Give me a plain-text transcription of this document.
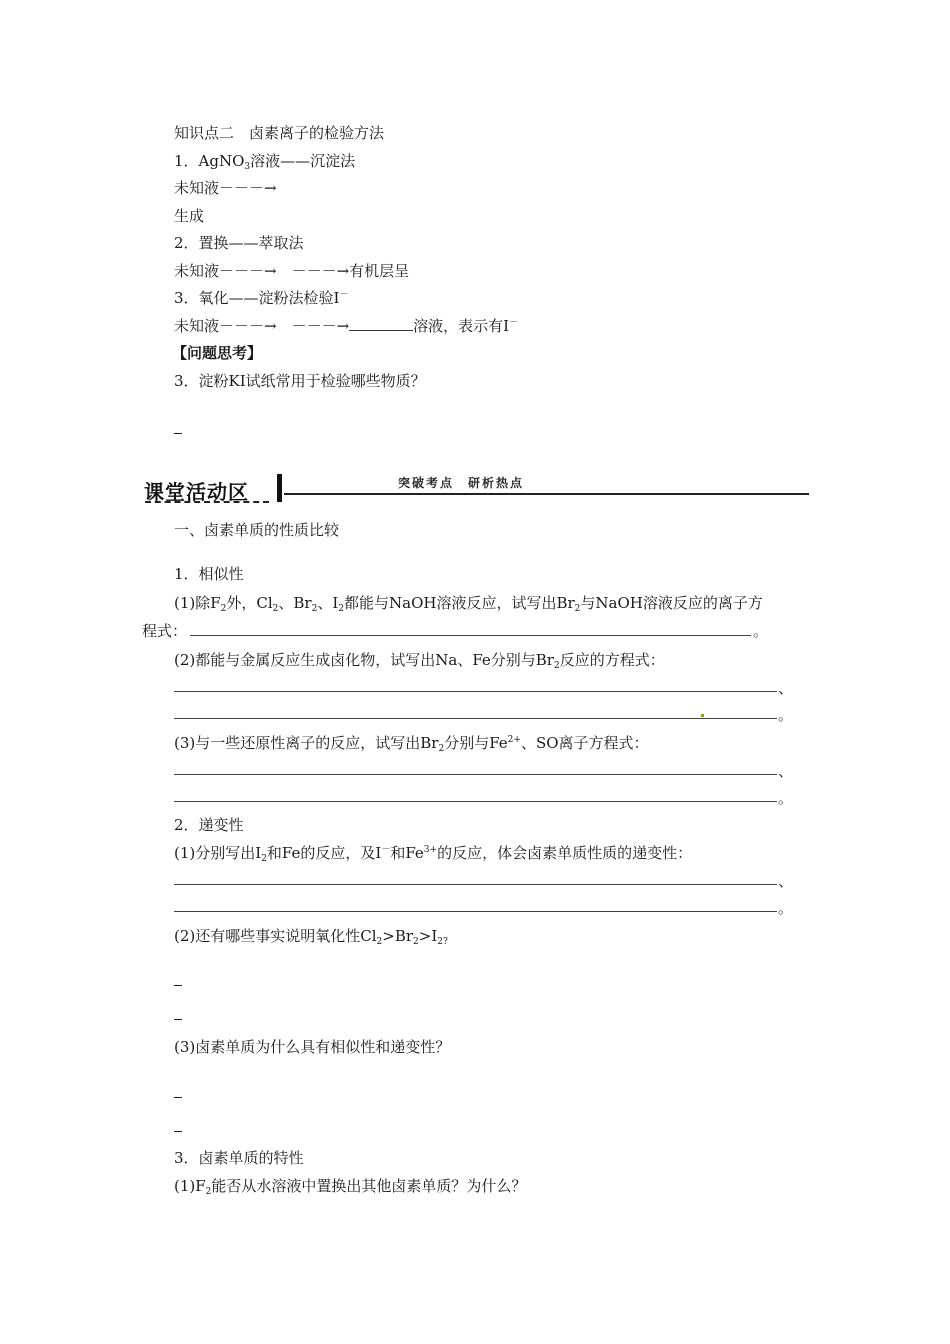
知识点二　卤素离子的检验方法
1．AgNO$_3$溶液——沉淀法
未知液－－－→
生成
2．置换——萃取法
未知液－－－→　－－－→有机层呈
3．氧化——淀粉法检验I－
未知液－－－→　－－－→	溶液，表示有I－
【问题思考】
3．淀粉KI试纸常用于检验哪些物质？
课堂活动区	突破考点　研析热点
一、卤素单质的性质比较
1．相似性
(1)除$F_2$外，$Cl_2$、$Br_2$、$I_2$都能与NaOH溶液反应，试写出$Br_2$与NaOH溶液反应的离子方
程式：	。
(2)都能与金属反应生成卤化物，试写出Na、Fe分别与$Br_2$反应的方程式：
、
。
(3)与一些还原性离子的反应，试写出$Br_2$分别与$Fe^{2+}$、SO离子方程式：
、
。
2．递变性
(1)分别写出$I_2$和Fe的反应，及I－和$Fe^{3+}$的反应，体会卤素单质性质的递变性：
、
。
(2)还有哪些事实说明氧化性$Cl_2>Br_2>I_{2?}$
(3)卤素单质为什么具有相似性和递变性？
3．卤素单质的特性
$(1)F_2$能否从水溶液中置换出其他卤素单质？为什么？
